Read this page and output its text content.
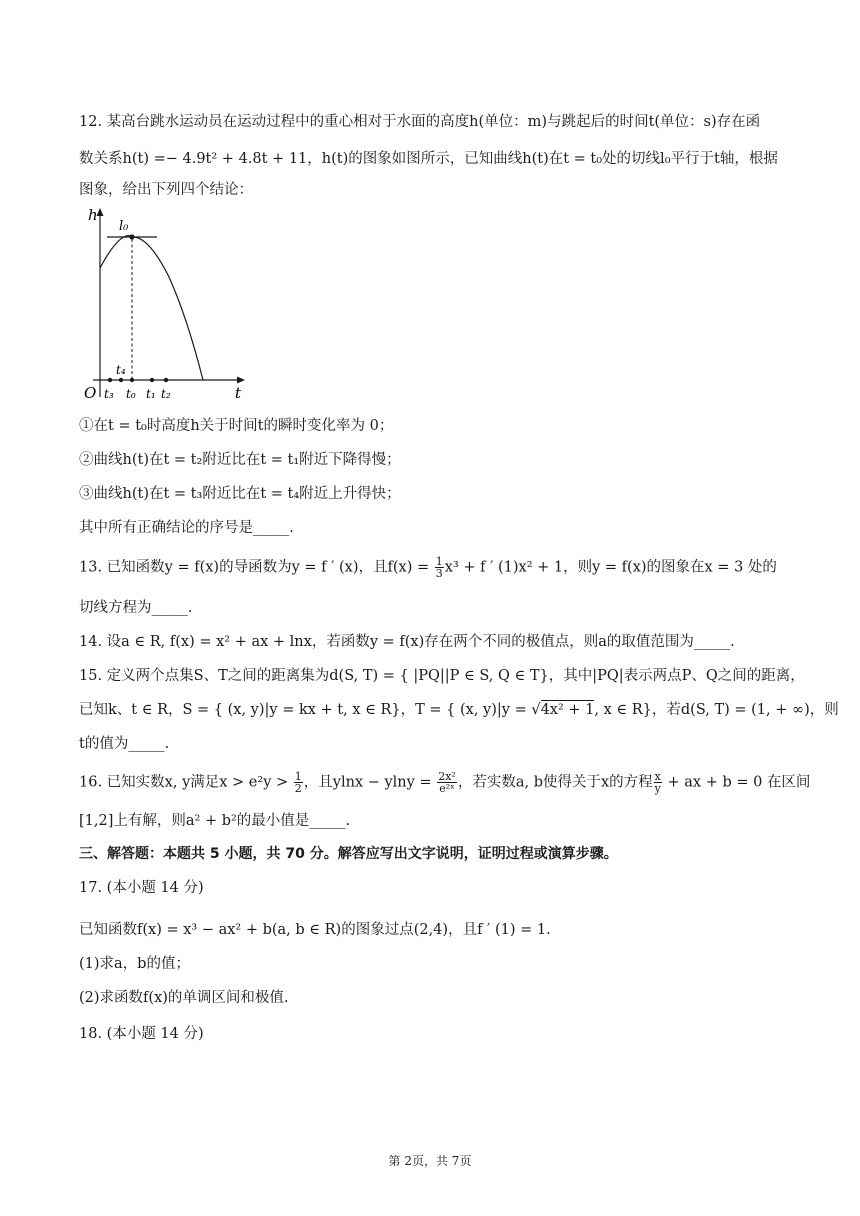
12. 某高台跳水运动员在运动过程中的重心相对于水面的高度h(单位：m)与跳起后的时间t(单位：s)存在函
数关系h(t) =− 4.9t² + 4.8t + 11，h(t)的图象如图所示，已知曲线h(t)在t = t₀处的切线l₀平行于t轴，根据
图象，给出下列四个结论：
h
t
O
l₀
t₃
t₄
t₀ t₁ t₂
①在t = t₀时高度h关于时间t的瞬时变化率为 0；
②曲线h(t)在t = t₂附近比在t = t₁附近下降得慢；
③曲线h(t)在t = t₃附近比在t = t₄附近上升得快；
其中所有正确结论的序号是_____.
13. 已知函数y = f(x)的导函数为y = f ′ (x)，且$f(x) = \frac{1}{3} x^3 + f$ ′ (1)x² + 1，则y = f(x)的图象在x = 3 处的
切线方程为_____.
14. 设a ∈ R, f(x) = x² + ax + lnx，若函数y = f(x)存在两个不同的极值点，则a的取值范围为_____.
15. 定义两个点集S、T之间的距离集为d(S, T) = { |PQ||P ∈ S, Q ∈ T}，其中|PQ|表示两点P、Q之间的距离，
已知k、t ∈ R，S = { (x, y)|y = kx + t, x ∈ R}，T = { (x, y)|y = √4x² + 1, x ∈ R}，若d(S, T) = (1, + ∞)，则
t的值为_____.
16. 已知实数x, y满足$x > e^2y > \frac{1}{2}$ ，且$ylnx - ylny = \frac{\text{2x²}}{\text{e²ˣ}}$ ，若实数a, b使得关于x的方程 $\frac{x}{y}$ + ax + b = 0 在区间
[1,2]上有解，则a² + b²的最小值是_____.
三、解答题：本题共 5 小题，共 70 分。解答应写出文字说明，证明过程或演算步骤。
17. (本小题 14 分)
已知函数f(x) = x³ − ax² + b(a, b ∈ R)的图象过点(2,4)，且f ′ (1) = 1.
(1)求a，b的值；
(2)求函数f(x)的单调区间和极值.
18. (本小题 14 分)
第 2页，共 7页
